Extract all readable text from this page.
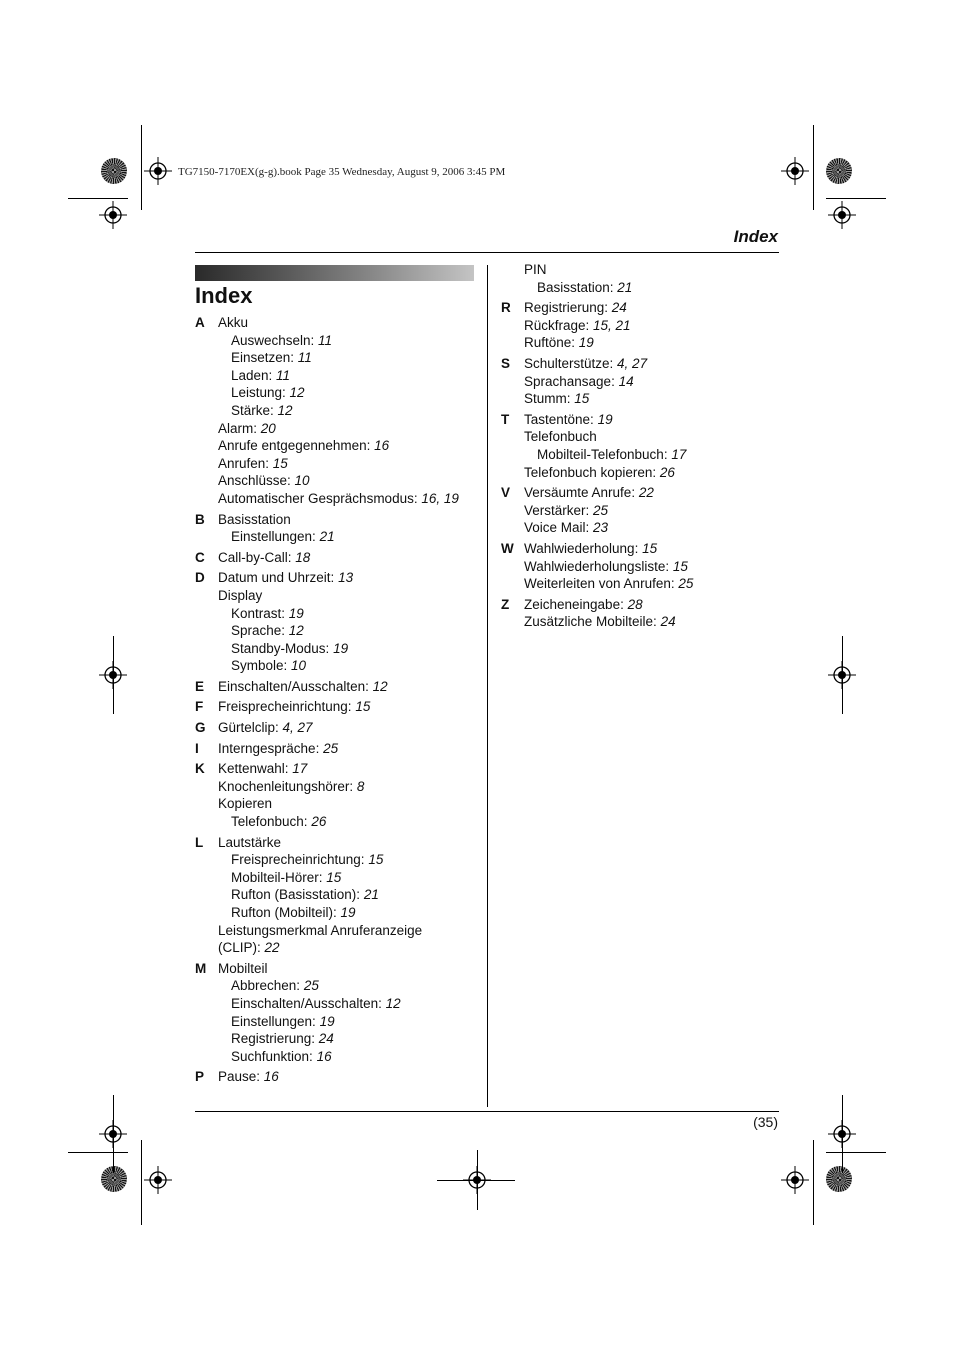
TG7150-7170EX(g-g).book Page 35 Wednesday, August 9, 2006 3:45 PM
Index
Index
A Akku
Auswechseln: 11
Einsetzen: 11
Laden: 11
Leistung: 12
Stärke: 12
Alarm: 20
Anrufe entgegennehmen: 16
Anrufen: 15
Anschlüsse: 10
Automatischer Gesprächsmodus: 16, 19
B Basisstation
Einstellungen: 21
C Call-by-Call: 18
D Datum und Uhrzeit: 13
Display
Kontrast: 19
Sprache: 12
Standby-Modus: 19
Symbole: 10
E	Einschalten/Ausschalten: 12
F	Freisprecheinrichtung: 15
G Gürtelclip: 4, 27
I	Interngespräche: 25
K Kettenwahl: 17
Knochenleitungshörer: 8
Kopieren
Telefonbuch: 26
L	Lautstärke
Freisprecheinrichtung: 15
Mobilteil-Hörer: 15
Rufton (Basisstation): 21
Rufton (Mobilteil): 19
Leistungsmerkmal Anruferanzeige
(CLIP): 22
M Mobilteil
Abbrechen: 25
Einschalten/Ausschalten: 12
Einstellungen: 19
Registrierung: 24
Suchfunktion: 16
P	Pause: 16
PIN
Basisstation: 21
R Registrierung: 24
Rückfrage: 15, 21
Ruftöne: 19
S	Schulterstütze: 4, 27
Sprachansage: 14
Stumm: 15
T	Tastentöne: 19
Telefonbuch
Mobilteil-Telefonbuch: 17
Telefonbuch kopieren: 26
V	Versäumte Anrufe: 22
Verstärker: 25
Voice Mail: 23
W Wahlwiederholung: 15
Wahlwiederholungsliste: 15
Weiterleiten von Anrufen: 25
Z	Zeicheneingabe: 28
Zusätzliche Mobilteile: 24
(35)
